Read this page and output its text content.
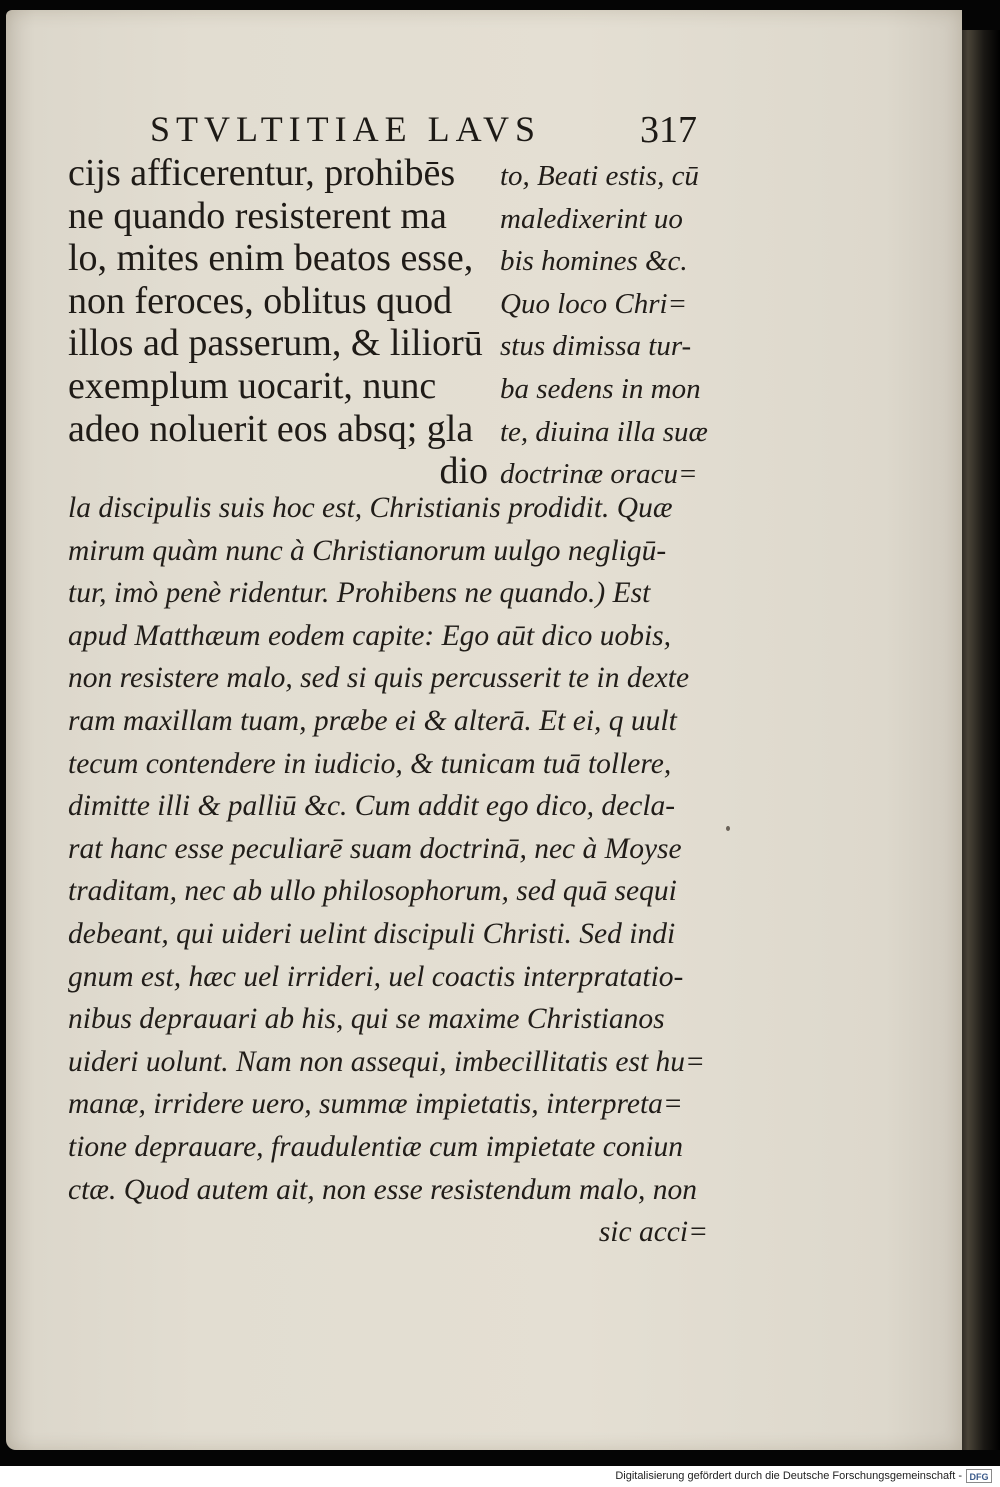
STVLTITIAE LAVS	317
cijs afficerentur, prohibēs
ne quando resisterent ma
lo, mites enim beatos esse,
non feroces, oblitus quod
illos ad passerum, & liliorū
exemplum uocarit, nunc
adeo noluerit eos absq; gla
dio
to, Beati estis, cū
maledixerint uo
bis homines &c.
Quo loco Chri=
stus dimissa tur-
ba sedens in mon
te, diuina illa suæ
doctrinæ oracu=
la discipulis suis hoc est, Christianis prodidit. Quæ
mirum quàm nunc à Christianorum uulgo negligū-
tur, imò penè ridentur. Prohibens ne quando.) Est
apud Matthæum eodem capite: Ego aūt dico uobis,
non resistere malo, sed si quis percusserit te in dexte
ram maxillam tuam, præbe ei & alterā. Et ei, q uult
tecum contendere in iudicio, & tunicam tuā tollere,
dimitte illi & palliū &c. Cum addit ego dico, decla-
rat hanc esse peculiarē suam doctrinā, nec à Moyse
traditam, nec ab ullo philosophorum, sed quā sequi
debeant, qui uideri uelint discipuli Christi. Sed indi
gnum est, hæc uel irrideri, uel coactis interpratatio-
nibus deprauari ab his, qui se maxime Christianos
uideri uolunt. Nam non assequi, imbecillitatis est hu=
manæ, irridere uero, summæ impietatis, interpreta=
tione deprauare, fraudulentiæ cum impietate coniun
ctæ. Quod autem ait, non esse resistendum malo, non
sic acci=
Digitalisierung gefördert durch die Deutsche Forschungsgemeinschaft - DFG
